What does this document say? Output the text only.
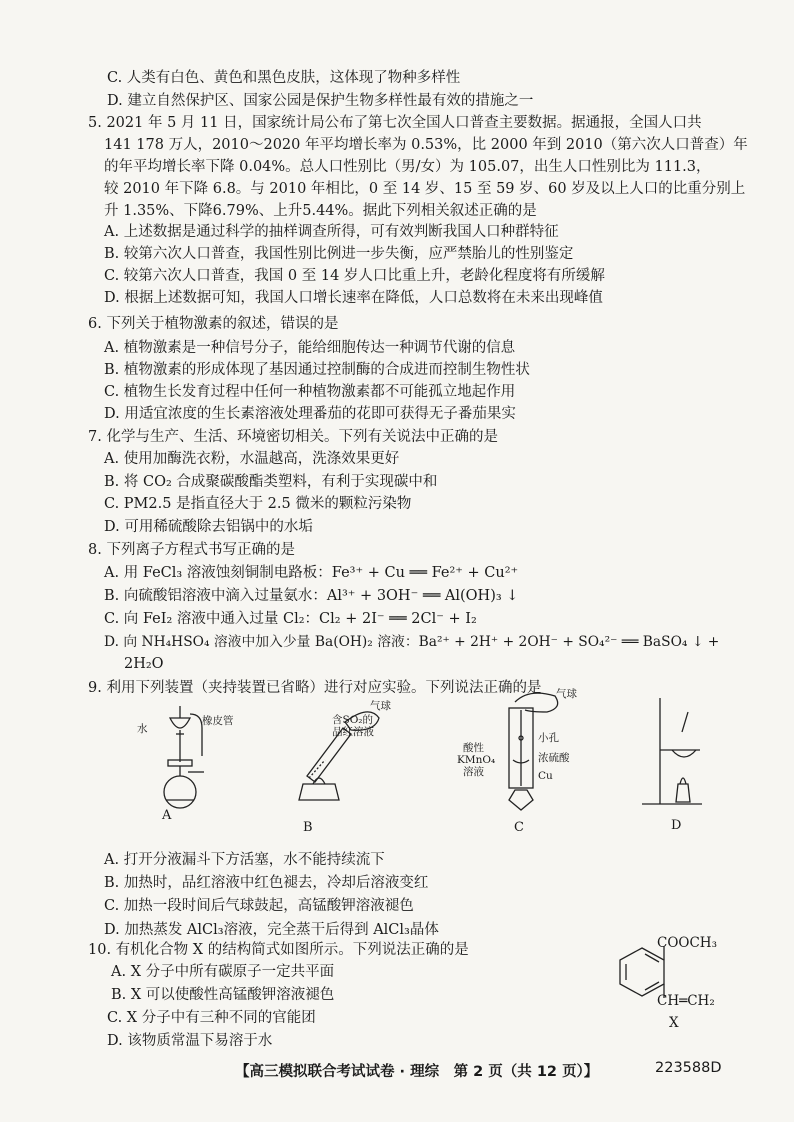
C. 人类有白色、黄色和黑色皮肤，这体现了物种多样性
D. 建立自然保护区、国家公园是保护生物多样性最有效的措施之一
5. 2021 年 5 月 11 日，国家统计局公布了第七次全国人口普查主要数据。据通报，全国人口共
141 178 万人，2010～2020 年平均增长率为 0.53%，比 2000 年到 2010（第六次人口普查）年
的年平均增长率下降 0.04%。总人口性别比（男/女）为 105.07，出生人口性别比为 111.3，
较 2010 年下降 6.8。与 2010 年相比，0 至 14 岁、15 至 59 岁、60 岁及以上人口的比重分别上
升 1.35%、下降6.79%、上升5.44%。据此下列相关叙述正确的是
A. 上述数据是通过科学的抽样调查所得，可有效判断我国人口种群特征
B. 较第六次人口普查，我国性别比例进一步失衡，应严禁胎儿的性别鉴定
C. 较第六次人口普查，我国 0 至 14 岁人口比重上升，老龄化程度将有所缓解
D. 根据上述数据可知，我国人口增长速率在降低，人口总数将在未来出现峰值
6. 下列关于植物激素的叙述，错误的是
A. 植物激素是一种信号分子，能给细胞传达一种调节代谢的信息
B. 植物激素的形成体现了基因通过控制酶的合成进而控制生物性状
C. 植物生长发育过程中任何一种植物激素都不可能孤立地起作用
D. 用适宜浓度的生长素溶液处理番茄的花即可获得无子番茄果实
7. 化学与生产、生活、环境密切相关。下列有关说法中正确的是
A. 使用加酶洗衣粉，水温越高，洗涤效果更好
B. 将 CO₂ 合成聚碳酸酯类塑料，有利于实现碳中和
C. PM2.5 是指直径大于 2.5 微米的颗粒污染物
D. 可用稀硫酸除去铝锅中的水垢
8. 下列离子方程式书写正确的是
A. 用 FeCl₃ 溶液蚀刻铜制电路板：Fe³⁺ + Cu ══ Fe²⁺ + Cu²⁺
B. 向硫酸铝溶液中滴入过量氨水：Al³⁺ + 3OH⁻ ══ Al(OH)₃ ↓
C. 向 FeI₂ 溶液中通入过量 Cl₂：Cl₂ + 2I⁻ ══ 2Cl⁻ + I₂
D. 向 NH₄HSO₄ 溶液中加入少量 Ba(OH)₂ 溶液：Ba²⁺ + 2H⁺ + 2OH⁻ + SO₄²⁻ ══ BaSO₄ ↓ +
2H₂O
9. 利用下列装置（夹持装置已省略）进行对应实验。下列说法正确的是
水
橡皮管
A
气球
含SO₂的
品红溶液
B
气球
小孔
酸性
KMnO₄
溶液
浓硫酸
Cu
C	D
A. 打开分液漏斗下方活塞，水不能持续流下
B. 加热时，品红溶液中红色褪去，冷却后溶液变红
C. 加热一段时间后气球鼓起，高锰酸钾溶液褪色
D. 加热蒸发 AlCl₃溶液，完全蒸干后得到 AlCl₃晶体
10. 有机化合物 X 的结构简式如图所示。下列说法正确的是
A. X 分子中所有碳原子一定共平面
B. X 可以使酸性高锰酸钾溶液褪色
C. X 分子中有三种不同的官能团
D. 该物质常温下易溶于水
COOCH₃
CH═CH₂
X
【高三模拟联合考试试卷 · 理综　第 2 页（共 12 页）】	223588D
